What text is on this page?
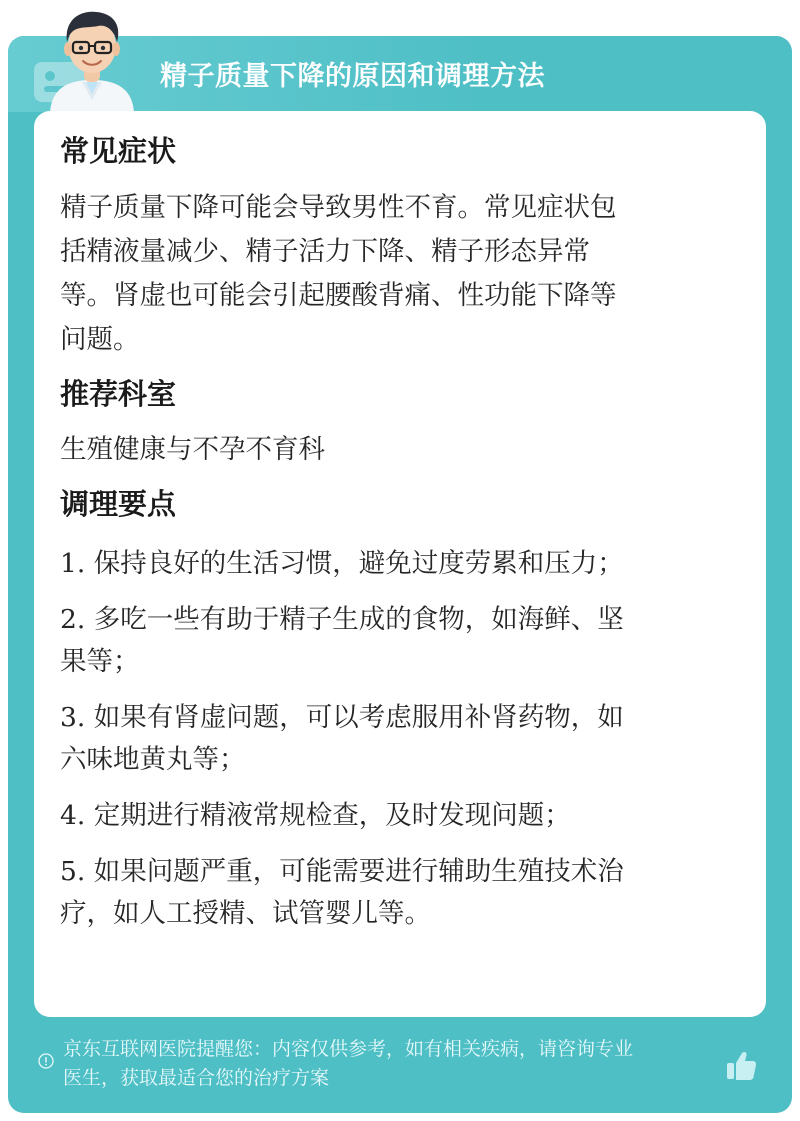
精子质量下降的原因和调理方法
京东互联网医院提醒您：内容仅供参考，如有相关疾病，请咨询专业
医生，获取最适合您的治疗方案
常见症状

精子质量下降可能会导致男性不育。常见症状包
括精液量减少、精子活力下降、精子形态异常
等。肾虚也可能会引起腰酸背痛、性功能下降等
问题。

推荐科室

生殖健康与不孕不育科

调理要点

1. 保持良好的生活习惯，避免过度劳累和压力；

2. 多吃一些有助于精子生成的食物，如海鲜、坚
果等；

3. 如果有肾虚问题，可以考虑服用补肾药物，如
六味地黄丸等；

4. 定期进行精液常规检查，及时发现问题；

5. 如果问题严重，可能需要进行辅助生殖技术治
疗，如人工授精、试管婴儿等。
